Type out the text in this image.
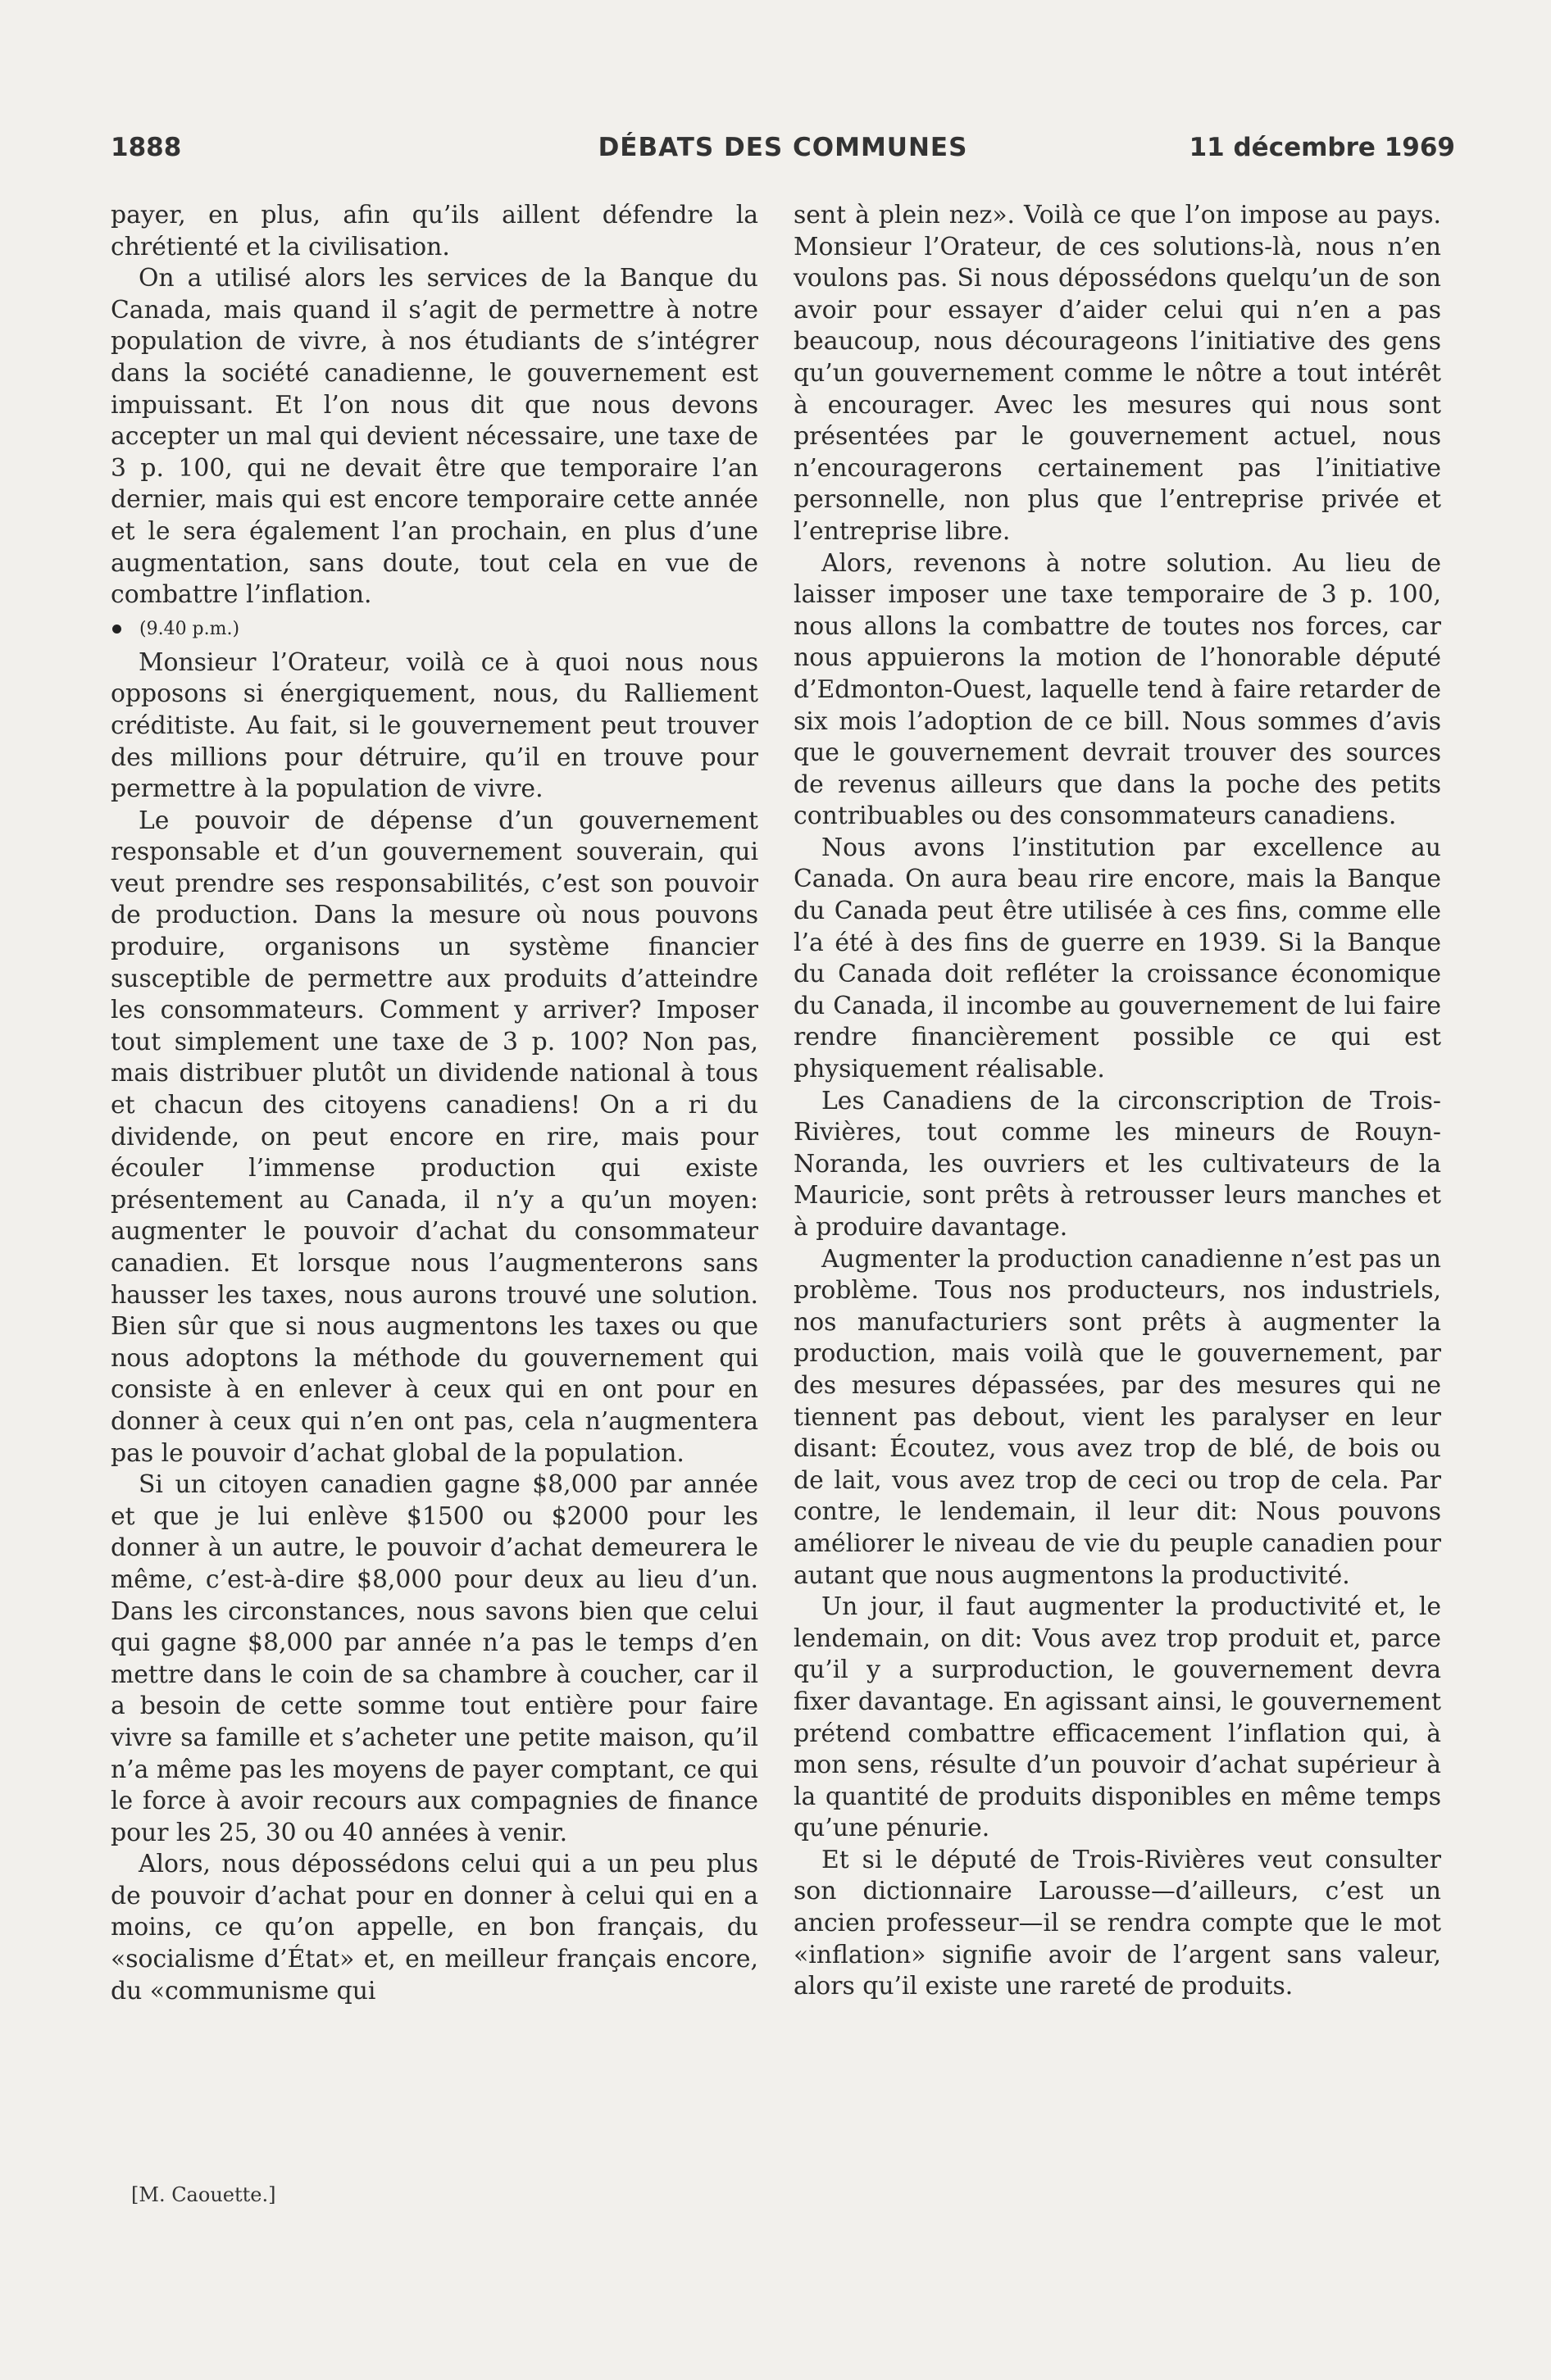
1888	DÉBATS DES COMMUNES	11 décembre 1969

payer, en plus, afin qu’ils aillent défendre la chrétienté et la civilisation.

On a utilisé alors les services de la Banque du Canada, mais quand il s’agit de permettre à notre population de vivre, à nos étudiants de s’intégrer dans la société canadienne, le gouvernement est impuissant. Et l’on nous dit que nous devons accepter un mal qui devient nécessaire, une taxe de 3 p. 100, qui ne devait être que temporaire l’an dernier, mais qui est encore temporaire cette année et le sera également l’an prochain, en plus d’une augmentation, sans doute, tout cela en vue de combattre l’inflation.

(9.40 p.m.)

Monsieur l’Orateur, voilà ce à quoi nous nous opposons si énergiquement, nous, du Ralliement créditiste. Au fait, si le gouvernement peut trouver des millions pour détruire, qu’il en trouve pour permettre à la population de vivre.

Le pouvoir de dépense d’un gouvernement responsable et d’un gouvernement souverain, qui veut prendre ses responsabilités, c’est son pouvoir de production. Dans la mesure où nous pouvons produire, organisons un système financier susceptible de permettre aux produits d’atteindre les consommateurs. Comment y arriver? Imposer tout simplement une taxe de 3 p. 100? Non pas, mais distribuer plutôt un dividende national à tous et chacun des citoyens canadiens! On a ri du dividende, on peut encore en rire, mais pour écouler l’immense production qui existe présentement au Canada, il n’y a qu’un moyen: augmenter le pouvoir d’achat du consommateur canadien. Et lorsque nous l’augmenterons sans hausser les taxes, nous aurons trouvé une solution. Bien sûr que si nous augmentons les taxes ou que nous adoptons la méthode du gouvernement qui consiste à en enlever à ceux qui en ont pour en donner à ceux qui n’en ont pas, cela n’augmentera pas le pouvoir d’achat global de la population.

Si un citoyen canadien gagne $8,000 par année et que je lui enlève $1500 ou $2000 pour les donner à un autre, le pouvoir d’achat demeurera le même, c’est-à-dire $8,000 pour deux au lieu d’un. Dans les circonstances, nous savons bien que celui qui gagne $8,000 par année n’a pas le temps d’en mettre dans le coin de sa chambre à coucher, car il a besoin de cette somme tout entière pour faire vivre sa famille et s’acheter une petite maison, qu’il n’a même pas les moyens de payer comptant, ce qui le force à avoir recours aux compagnies de finance pour les 25, 30 ou 40 années à venir.

Alors, nous dépossédons celui qui a un peu plus de pouvoir d’achat pour en donner à celui qui en a moins, ce qu’on appelle, en bon français, du «socialisme d’État» et, en meilleur français encore, du «communisme qui

sent à plein nez». Voilà ce que l’on impose au pays. Monsieur l’Orateur, de ces solutions-là, nous n’en voulons pas. Si nous dépossédons quelqu’un de son avoir pour essayer d’aider celui qui n’en a pas beaucoup, nous décourageons l’initiative des gens qu’un gouvernement comme le nôtre a tout intérêt à encourager. Avec les mesures qui nous sont présentées par le gouvernement actuel, nous n’encouragerons certainement pas l’initiative personnelle, non plus que l’entreprise privée et l’entreprise libre.

Alors, revenons à notre solution. Au lieu de laisser imposer une taxe temporaire de 3 p. 100, nous allons la combattre de toutes nos forces, car nous appuierons la motion de l’honorable député d’Edmonton-Ouest, laquelle tend à faire retarder de six mois l’adoption de ce bill. Nous sommes d’avis que le gouvernement devrait trouver des sources de revenus ailleurs que dans la poche des petits contribuables ou des consommateurs canadiens.

Nous avons l’institution par excellence au Canada. On aura beau rire encore, mais la Banque du Canada peut être utilisée à ces fins, comme elle l’a été à des fins de guerre en 1939. Si la Banque du Canada doit refléter la croissance économique du Canada, il incombe au gouvernement de lui faire rendre financièrement possible ce qui est physiquement réalisable.

Les Canadiens de la circonscription de Trois-Rivières, tout comme les mineurs de Rouyn-Noranda, les ouvriers et les cultivateurs de la Mauricie, sont prêts à retrousser leurs manches et à produire davantage.

Augmenter la production canadienne n’est pas un problème. Tous nos producteurs, nos industriels, nos manufacturiers sont prêts à augmenter la production, mais voilà que le gouvernement, par des mesures dépassées, par des mesures qui ne tiennent pas debout, vient les paralyser en leur disant: Écoutez, vous avez trop de blé, de bois ou de lait, vous avez trop de ceci ou trop de cela. Par contre, le lendemain, il leur dit: Nous pouvons améliorer le niveau de vie du peuple canadien pour autant que nous augmentons la productivité.

Un jour, il faut augmenter la productivité et, le lendemain, on dit: Vous avez trop produit et, parce qu’il y a surproduction, le gouvernement devra fixer davantage. En agissant ainsi, le gouvernement prétend combattre efficacement l’inflation qui, à mon sens, résulte d’un pouvoir d’achat supérieur à la quantité de produits disponibles en même temps qu’une pénurie.

Et si le député de Trois-Rivières veut consulter son dictionnaire Larousse—d’ailleurs, c’est un ancien professeur—il se rendra compte que le mot «inflation» signifie avoir de l’argent sans valeur, alors qu’il existe une rareté de produits.

[M. Caouette.]
